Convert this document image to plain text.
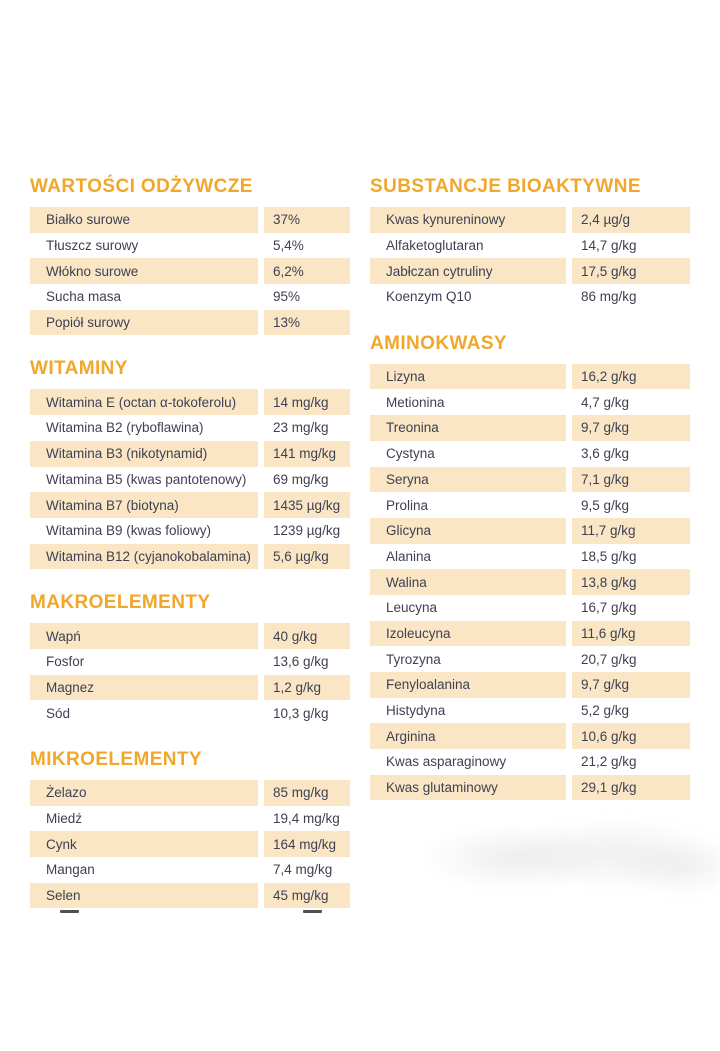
WARTOŚCI ODŻYWCZE
Białko surowe	37%
Tłuszcz surowy	5,4%
Włókno surowe	6,2%
Sucha masa	95%
Popiół surowy	13%
WITAMINY
Witamina E (octan α-tokoferolu)	14 mg/kg
Witamina B2 (ryboflawina)	23 mg/kg
Witamina B3 (nikotynamid)	141 mg/kg
Witamina B5 (kwas pantotenowy)	69 mg/kg
Witamina B7 (biotyna)	1435 µg/kg
Witamina B9 (kwas foliowy)	1239 µg/kg
Witamina B12 (cyjanokobalamina)	5,6 µg/kg
MAKROELEMENTY
Wapń	40 g/kg
Fosfor	13,6 g/kg
Magnez	1,2 g/kg
Sód	10,3 g/kg
MIKROELEMENTY
Żelazo	85 mg/kg
Miedź	19,4 mg/kg
Cynk	164 mg/kg
Mangan	7,4 mg/kg
Selen	45 mg/kg
SUBSTANCJE BIOAKTYWNE
Kwas kynureninowy	2,4 µg/g
Alfaketoglutaran	14,7 g/kg
Jabłczan cytruliny	17,5 g/kg
Koenzym Q10	86 mg/kg
AMINOKWASY
Lizyna	16,2 g/kg
Metionina	4,7 g/kg
Treonina	9,7 g/kg
Cystyna	3,6 g/kg
Seryna	7,1 g/kg
Prolina	9,5 g/kg
Glicyna	11,7 g/kg
Alanina	18,5 g/kg
Walina	13,8 g/kg
Leucyna	16,7 g/kg
Izoleucyna	11,6 g/kg
Tyrozyna	20,7 g/kg
Fenyloalanina	9,7 g/kg
Histydyna	5,2 g/kg
Arginina	10,6 g/kg
Kwas asparaginowy	21,2 g/kg
Kwas glutaminowy	29,1 g/kg
